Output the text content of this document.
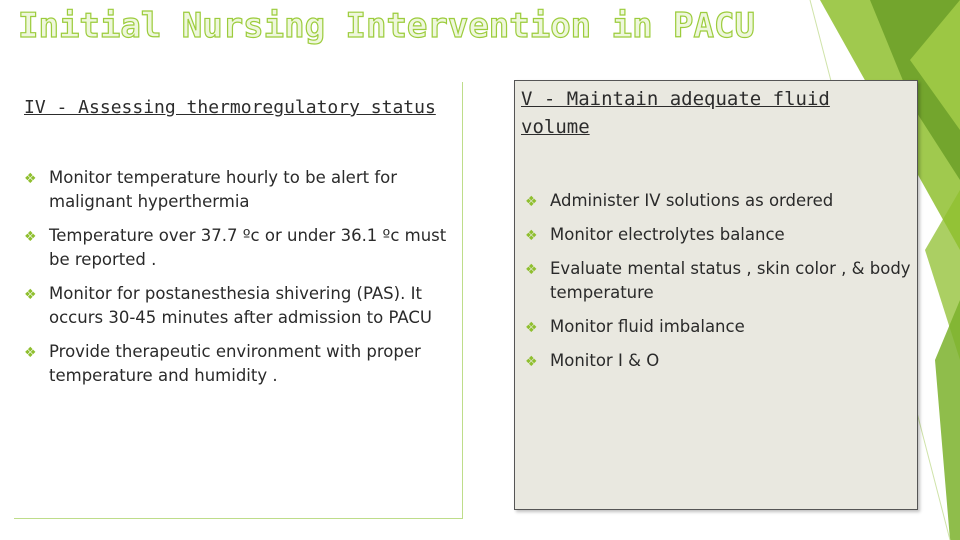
Initial Nursing Intervention in PACU
IV - Assessing thermoregulatory status
❖ Monitor temperature hourly to be alert for malignant hyperthermia
❖ Temperature over 37.7 ºc or under 36.1 ºc must be reported .
❖ Monitor for postanesthesia shivering (PAS). It occurs 30-45 minutes after admission to PACU
❖ Provide therapeutic environment with proper temperature and humidity .
V - Maintain adequate fluid volume
❖ Administer IV solutions as ordered
❖ Monitor electrolytes balance
❖ Evaluate mental status , skin color , & body temperature
❖ Monitor fluid imbalance
❖ Monitor I & O
